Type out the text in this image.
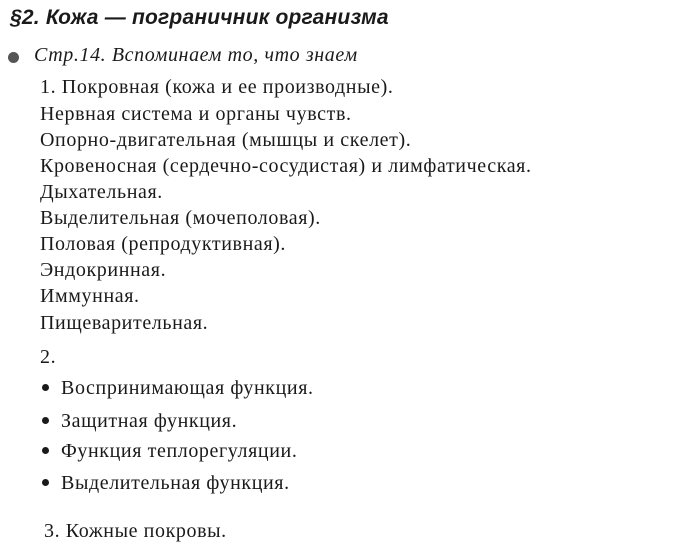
§2. Кожа — пограничник организма
Стр.14. Вспоминаем то, что знаем
1. Покровная (кожа и ее производные).
Нервная система и органы чувств.
Опорно-двигательная (мышцы и скелет).
Кровеносная (сердечно-сосудистая) и лимфатическая.
Дыхательная.
Выделительная (мочеполовая).
Половая (репродуктивная).
Эндокринная.
Иммунная.
Пищеварительная.
2.
Воспринимающая функция.
Защитная функция.
Функция теплорегуляции.
Выделительная функция.
3. Кожные покровы.
